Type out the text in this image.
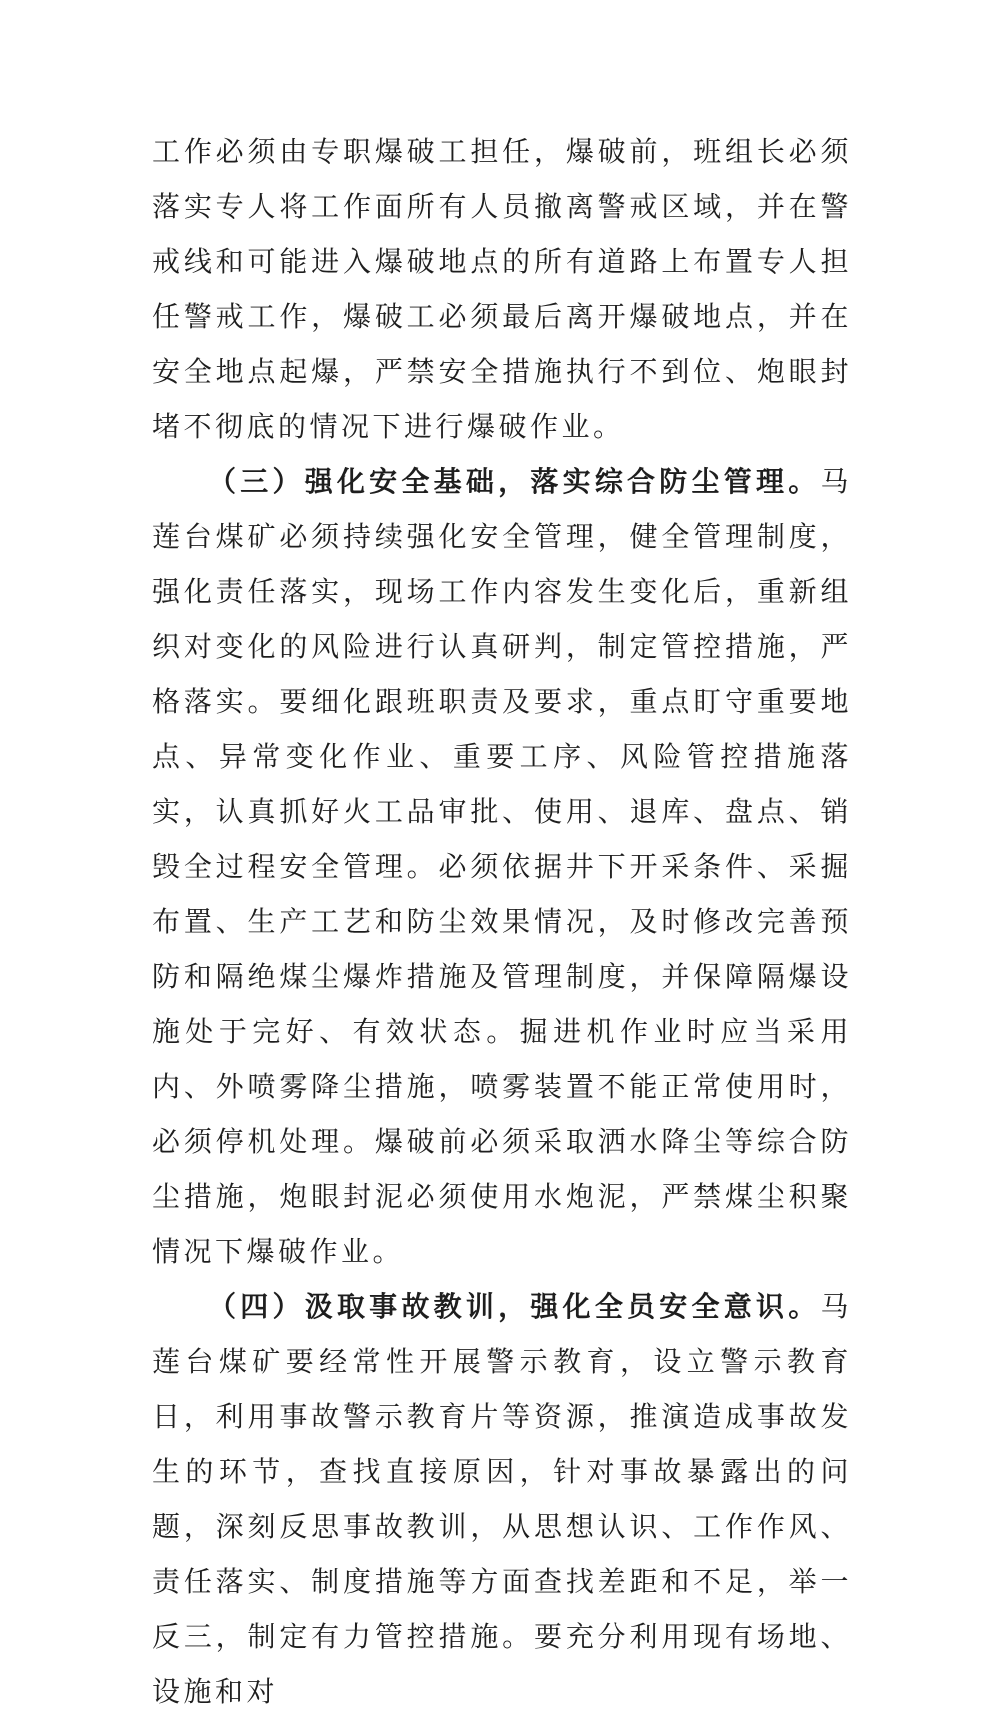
工作必须由专职爆破工担任，爆破前，班组长必须落实专人将工作面所有人员撤离警戒区域，并在警戒线和可能进入爆破地点的所有道路上布置专人担任警戒工作，爆破工必须最后离开爆破地点，并在安全地点起爆，严禁安全措施执行不到位、炮眼封堵不彻底的情况下进行爆破作业。

（三）强化安全基础，落实综合防尘管理。马莲台煤矿必须持续强化安全管理，健全管理制度，强化责任落实，现场工作内容发生变化后，重新组织对变化的风险进行认真研判，制定管控措施，严格落实。要细化跟班职责及要求，重点盯守重要地点、异常变化作业、重要工序、风险管控措施落实，认真抓好火工品审批、使用、退库、盘点、销毁全过程安全管理。必须依据井下开采条件、采掘布置、生产工艺和防尘效果情况，及时修改完善预防和隔绝煤尘爆炸措施及管理制度，并保障隔爆设施处于完好、有效状态。掘进机作业时应当采用内、外喷雾降尘措施，喷雾装置不能正常使用时，必须停机处理。爆破前必须采取洒水降尘等综合防尘措施，炮眼封泥必须使用水炮泥，严禁煤尘积聚情况下爆破作业。

（四）汲取事故教训，强化全员安全意识。马莲台煤矿要经常性开展警示教育，设立警示教育日，利用事故警示教育片等资源，推演造成事故发生的环节，查找直接原因，针对事故暴露出的问题，深刻反思事故教训，从思想认识、工作作风、责任落实、制度措施等方面查找差距和不足，举一反三，制定有力管控措施。要充分利用现有场地、设施和对
